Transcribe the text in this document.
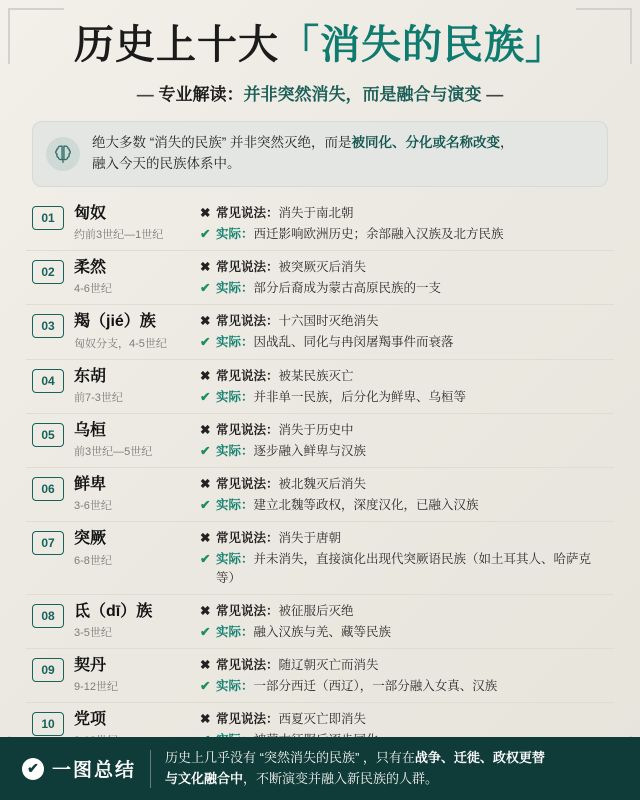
历史上十大「消失的民族」
— 专业解读：并非突然消失，而是融合与演变 —
绝大多数 “消失的民族” 并非突然灭绝，而是被同化、分化或名称改变，
融入今天的民族体系中。
01	匈奴
约前3世纪—1世纪
✖ 常见说法：消失于南北朝
✔ 实际：西迁影响欧洲历史；余部融入汉族及北方民族
02	柔然
4-6世纪
✖ 常见说法：被突厥灭后消失
✔ 实际：部分后裔成为蒙古高原民族的一支
03	羯（jié）族
匈奴分支，4-5世纪
✖ 常见说法：十六国时灭绝消失
✔ 实际：因战乱、同化与冉闵屠羯事件而衰落
04	东胡
前7-3世纪
✖ 常见说法：被某民族灭亡
✔ 实际：并非单一民族，后分化为鲜卑、乌桓等
05	乌桓
前3世纪—5世纪
✖ 常见说法：消失于历史中
✔ 实际：逐步融入鲜卑与汉族
06	鲜卑
3-6世纪
✖ 常见说法：被北魏灭后消失
✔ 实际：建立北魏等政权，深度汉化，已融入汉族
07	突厥
6-8世纪
✖ 常见说法：消失于唐朝
✔ 实际：并未消失，直接演化出现代突厥语民族（如土耳其人、哈萨克等）
08	氐（dī）族
3-5世纪
✖ 常见说法：被征服后灭绝
✔ 实际：融入汉族与羌、藏等民族
09	契丹
9-12世纪
✖ 常见说法：随辽朝灭亡而消失
✔ 实际：一部分西迁（西辽），一部分融入女真、汉族
10	党项	✖ 常见说法：西夏灭亡即消失
✔ 一图总结
历史上几乎没有 “突然消失的民族” ，只有在战争、迁徙、政权更替
与文化融合中，不断演变并融入新民族的人群。
